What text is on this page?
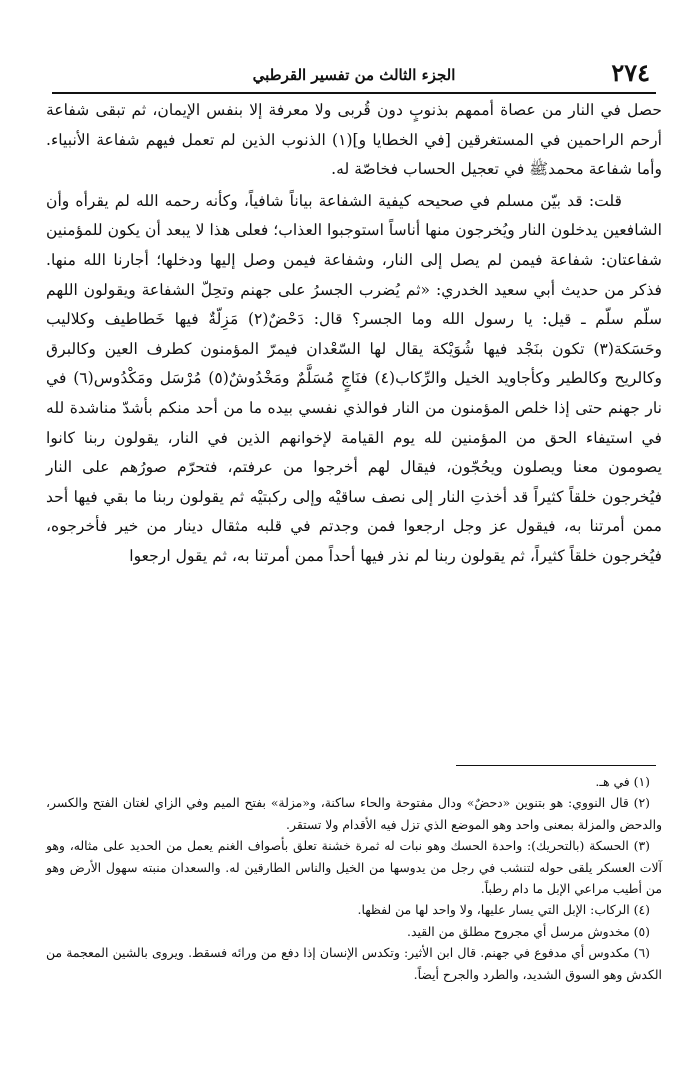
٢٧٤
الجزء الثالث من تفسير القرطبي

حصل في النار من عصاة أممهم بذنوبٍ دون قُربى ولا معرفة إلا بنفس الإيمان، ثم تبقى شفاعة أرحم الراحمين في المستغرقين [في الخطايا و](١) الذنوب الذين لم تعمل فيهم شفاعة الأنبياء. وأما شفاعة محمدﷺ في تعجيل الحساب فخاصّة له.

قلت: قد بيّن مسلم في صحيحه كيفية الشفاعة بياناً شافياً، وكأنه رحمه الله لم يقرأه وأن الشافعين يدخلون النار ويُخرجون منها أناساً استوجبوا العذاب؛ فعلى هذا لا يبعد أن يكون للمؤمنين شفاعتان: شفاعة فيمن لم يصل إلى النار، وشفاعة فيمن وصل إليها ودخلها؛ أجارنا الله منها. فذكر من حديث أبي سعيد الخدري: «ثم يُضرب الجسرُ على جهنم وتحِلّ الشفاعة ويقولون اللهم سلّم سلّم ـ قيل: يا رسول الله وما الجسر؟ قال: دَحْضٌ(٢) مَزِلّةٌ فيها خَطاطيف وكلاليب وحَسَكة(٣) تكون بنَجْد فيها شُوَيْكة يقال لها السّعْدان فيمرّ المؤمنون كطرف العين وكالبرق وكالريح وكالطير وكأجاويد الخيل والرِّكاب(٤) فنَاجٍ مُسَلَّمٌ ومَخْدُوشٌ(٥) مُرْسَل ومَكْدُوس(٦) في نار جهنم حتى إذا خلص المؤمنون من النار فوالذي نفسي بيده ما من أحد منكم بأشدّ مناشدة لله في استيفاء الحق من المؤمنين لله يوم القيامة لإخوانهم الذين في النار، يقولون ربنا كانوا يصومون معنا ويصلون ويحُجّون، فيقال لهم أخرجوا من عرفتم، فتحرّم صورُهم على النار فيُخرجون خلقاً كثيراً قد أخذتِ النار إلى نصف ساقيْه وإلى ركبتيْه ثم يقولون ربنا ما بقي فيها أحد ممن أمرتنا به، فيقول عز وجل ارجعوا فمن وجدتم في قلبه مثقال دينار من خير فأخرجوه، فيُخرجون خلقاً كثيراً، ثم يقولون ربنا لم نذر فيها أحداً ممن أمرتنا به، ثم يقول ارجعوا

(١) في هـ.

(٢) قال النووي: هو بتنوين «دحضٌ» ودال مفتوحة والحاء ساكنة، و«مزلة» بفتح الميم وفي الزاي لغتان الفتح والكسر، والدحض والمزلة بمعنى واحد وهو الموضع الذي تزل فيه الأقدام ولا تستقر.

(٣) الحسكة (بالتحريك): واحدة الحسك وهو نبات له ثمرة خشنة تعلق بأصواف الغنم يعمل من الحديد على مثاله، وهو آلات العسكر يلقى حوله لتنشب في رجل من يدوسها من الخيل والناس الطارقين له. والسعدان منبته سهول الأرض وهو من أطيب مراعي الإبل ما دام رطباً.

(٤) الركاب: الإبل التي يسار عليها، ولا واحد لها من لفظها.

(٥) مخدوش مرسل أي مجروح مطلق من القيد.

(٦) مكدوس أي مدفوع في جهنم. قال ابن الأثير: وتكدس الإنسان إذا دفع من ورائه فسقط. ويروى بالشين المعجمة من الكدش وهو السوق الشديد، والطرد والجرح أيضاً.
